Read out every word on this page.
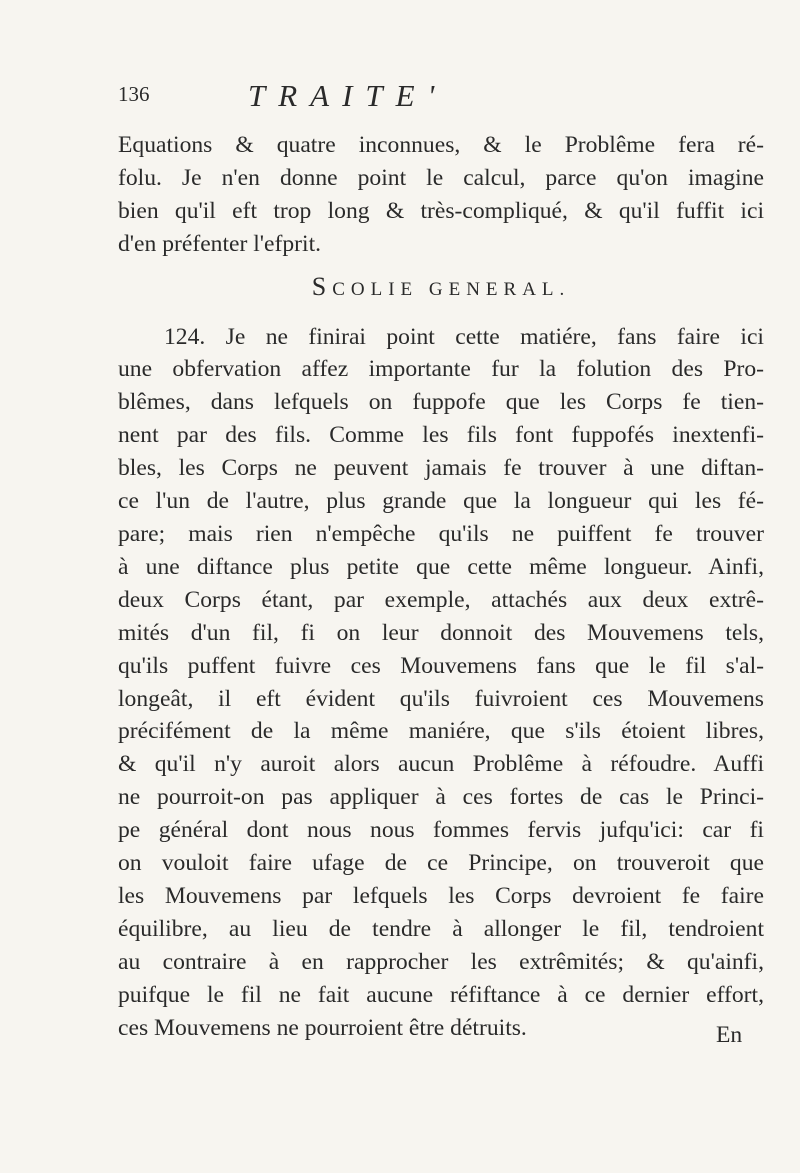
136	TRAITE'
Equations & quatre inconnues, & le Problême fera ré-
folu. Je n'en donne point le calcul, parce qu'on imagine
bien qu'il eft trop long & très-compliqué, & qu'il fuffit ici
d'en préfenter l'efprit.
SCOLIE GENERAL.
124. Je ne finirai point cette matiére, fans faire ici
une obfervation affez importante fur la folution des Pro-
blêmes, dans lefquels on fuppofe que les Corps fe tien-
nent par des fils. Comme les fils font fuppofés inextenfi-
bles, les Corps ne peuvent jamais fe trouver à une diftan-
ce l'un de l'autre, plus grande que la longueur qui les fé-
pare; mais rien n'empêche qu'ils ne puiffent fe trouver
à une diftance plus petite que cette même longueur. Ainfi,
deux Corps étant, par exemple, attachés aux deux extrê-
mités d'un fil, fi on leur donnoit des Mouvemens tels,
qu'ils puffent fuivre ces Mouvemens fans que le fil s'al-
longeât, il eft évident qu'ils fuivroient ces Mouvemens
précifément de la même maniére, que s'ils étoient libres,
& qu'il n'y auroit alors aucun Problême à réfoudre. Auffi
ne pourroit-on pas appliquer à ces fortes de cas le Princi-
pe général dont nous nous fommes fervis jufqu'ici: car fi
on vouloit faire ufage de ce Principe, on trouveroit que
les Mouvemens par lefquels les Corps devroient fe faire
équilibre, au lieu de tendre à allonger le fil, tendroient
au contraire à en rapprocher les extrêmités; & qu'ainfi,
puifque le fil ne fait aucune réfiftance à ce dernier effort,
ces Mouvemens ne pourroient être détruits.	En
